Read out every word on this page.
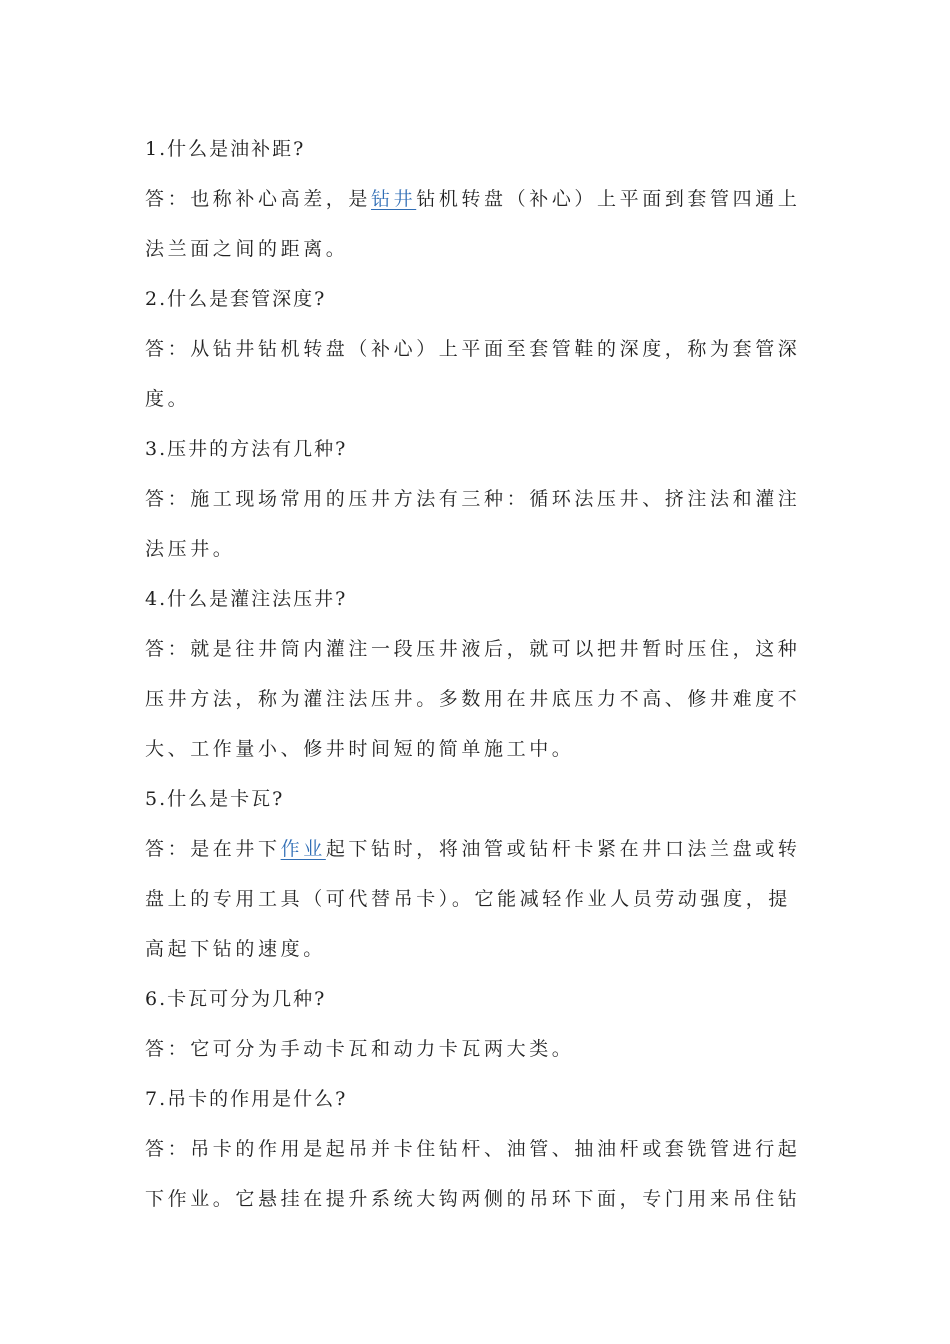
1.什么是油补距?
答：也称补心高差，是钻井钻机转盘（补心）上平面到套管四通上
法兰面之间的距离。
2.什么是套管深度?
答：从钻井钻机转盘（补心）上平面至套管鞋的深度，称为套管深
度。
3.压井的方法有几种?
答：施工现场常用的压井方法有三种：循环法压井、挤注法和灌注
法压井。
4.什么是灌注法压井?
答：就是往井筒内灌注一段压井液后，就可以把井暂时压住，这种
压井方法，称为灌注法压井。多数用在井底压力不高、修井难度不
大、工作量小、修井时间短的简单施工中。
5.什么是卡瓦?
答：是在井下作业起下钻时，将油管或钻杆卡紧在井口法兰盘或转
盘上的专用工具（可代替吊卡）。它能减轻作业人员劳动强度，提
高起下钻的速度。
6.卡瓦可分为几种?
答：它可分为手动卡瓦和动力卡瓦两大类。
7.吊卡的作用是什么?
答：吊卡的作用是起吊并卡住钻杆、油管、抽油杆或套铣管进行起
下作业。它悬挂在提升系统大钩两侧的吊环下面，专门用来吊住钻
